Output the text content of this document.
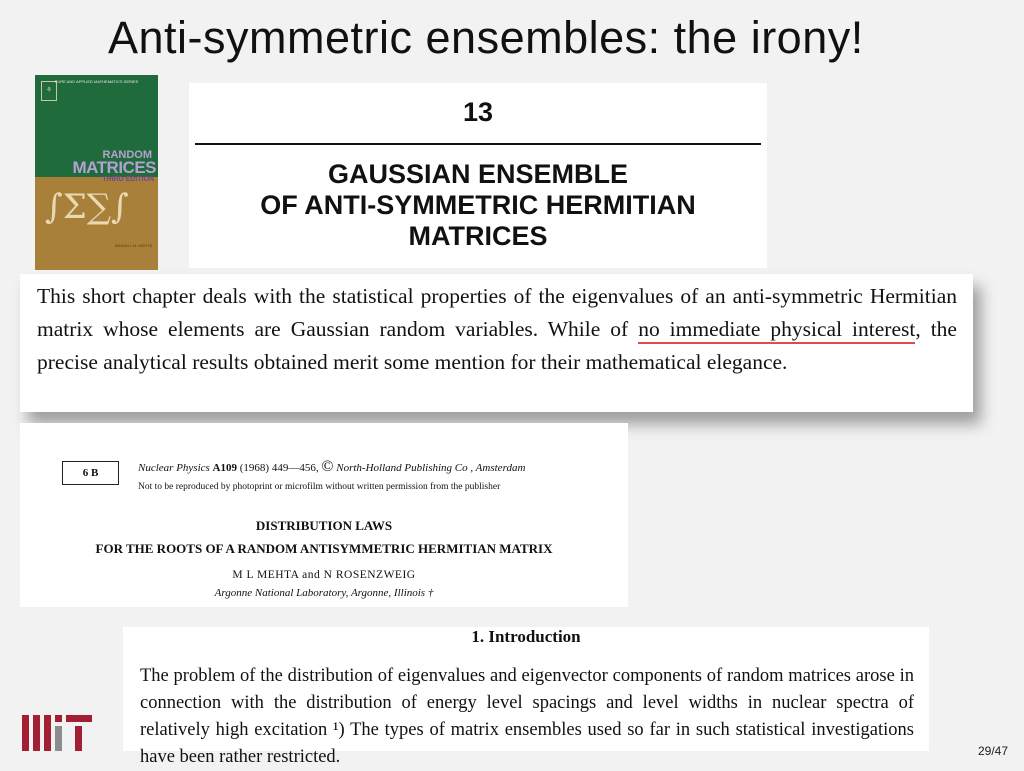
Anti-symmetric ensembles: the irony!
⚘
PURE AND APPLIED MATHEMATICS SERIES
RANDOM
MATRICES
THIRD EDITION
∫Σ∑∫
MADAN LAL MEHTA
13
GAUSSIAN ENSEMBLE
OF ANTI-SYMMETRIC HERMITIAN
MATRICES
This short chapter deals with the statistical properties of the eigenvalues of an anti-symmetric Hermitian matrix whose elements are Gaussian random variables. While of no immediate physical interest, the precise analytical results obtained merit some mention for their mathematical elegance.
6 B	Nuclear Physics A109 (1968) 449—456, © North-Holland Publishing Co , Amsterdam
Not to be reproduced by photoprint or microfilm without written permission from the publisher
DISTRIBUTION LAWS
FOR THE ROOTS OF A RANDOM ANTISYMMETRIC HERMITIAN MATRIX
M L MEHTA and N ROSENZWEIG
Argonne National Laboratory, Argonne, Illinois †
1. Introduction
The problem of the distribution of eigenvalues and eigenvector components of random matrices arose in connection with the distribution of energy level spacings and level widths in nuclear spectra of relatively high excitation ¹) The types of matrix ensembles used so far in such statistical investigations have been rather restricted.	29/47
